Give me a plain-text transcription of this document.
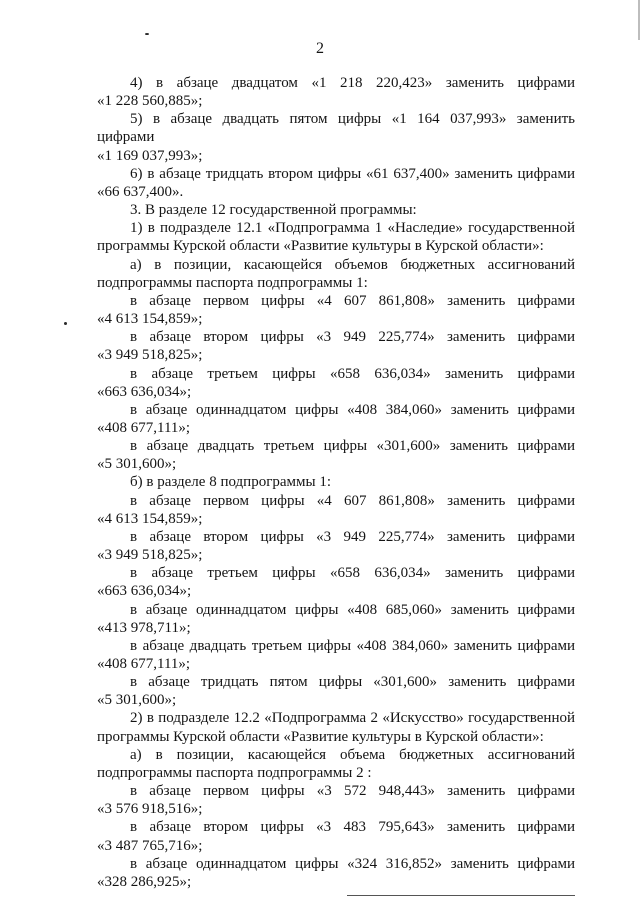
2
4) в абзаце двадцатом «1 218 220,423» заменить цифрами
«1 228 560,885»;
5) в абзаце двадцать пятом цифры «1 164 037,993» заменить цифрами
«1 169 037,993»;
6) в абзаце тридцать втором цифры «61 637,400» заменить цифрами
«66 637,400».
3. В разделе 12 государственной программы:
1) в подразделе 12.1 «Подпрограмма 1 «Наследие» государственной
программы Курской области «Развитие культуры в Курской области»:
а) в позиции, касающейся объемов бюджетных ассигнований
подпрограммы паспорта подпрограммы 1:
в абзаце первом цифры «4 607 861,808» заменить цифрами
«4 613 154,859»;
в абзаце втором цифры «3 949 225,774» заменить цифрами
«3 949 518,825»;
в абзаце третьем цифры «658 636,034» заменить цифрами
«663 636,034»;
в абзаце одиннадцатом цифры «408 384,060» заменить цифрами
«408 677,111»;
в абзаце двадцать третьем цифры «301,600» заменить цифрами
«5 301,600»;
б) в разделе 8 подпрограммы 1:
в абзаце первом цифры «4 607 861,808» заменить цифрами
«4 613 154,859»;
в абзаце втором цифры «3 949 225,774» заменить цифрами
«3 949 518,825»;
в абзаце третьем цифры «658 636,034» заменить цифрами
«663 636,034»;
в абзаце одиннадцатом цифры «408 685,060» заменить цифрами
«413 978,711»;
в абзаце двадцать третьем цифры «408 384,060» заменить цифрами
«408 677,111»;
в абзаце тридцать пятом цифры «301,600» заменить цифрами
«5 301,600»;
2) в подразделе 12.2 «Подпрограмма 2 «Искусство» государственной
программы Курской области «Развитие культуры в Курской области»:
а) в позиции, касающейся объема бюджетных ассигнований
подпрограммы паспорта подпрограммы 2 :
в абзаце первом цифры «3 572 948,443» заменить цифрами
«3 576 918,516»;
в абзаце втором цифры «3 483 795,643» заменить цифрами
«3 487 765,716»;
в абзаце одиннадцатом цифры «324 316,852» заменить цифрами
«328 286,925»;
